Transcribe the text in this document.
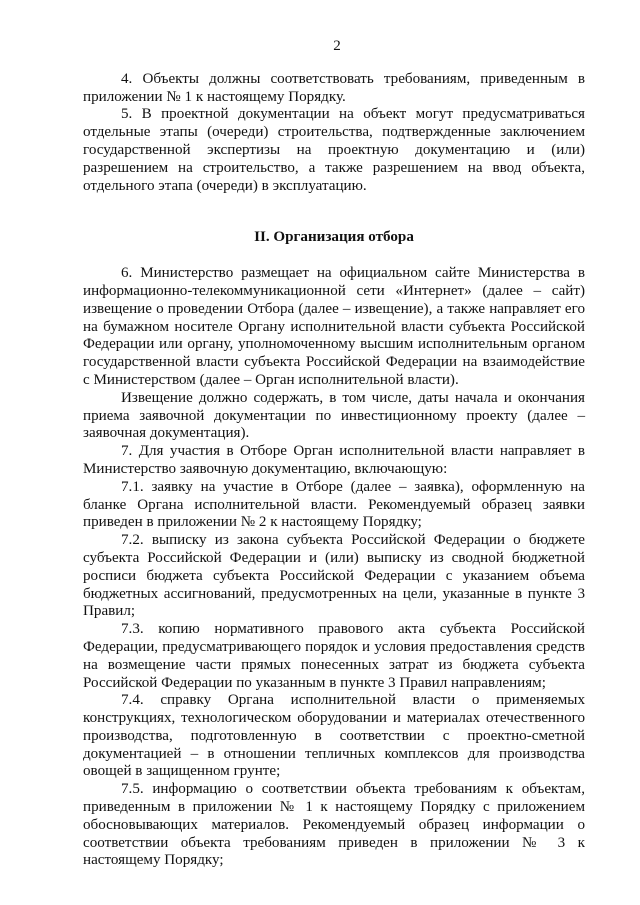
2

4. Объекты должны соответствовать требованиям, приведенным в приложении № 1 к настоящему Порядку.

5. В проектной документации на объект могут предусматриваться отдельные этапы (очереди) строительства, подтвержденные заключением государственной экспертизы на проектную документацию и (или) разрешением на строительство, а также разрешением на ввод объекта, отдельного этапа (очереди) в эксплуатацию.

II. Организация отбора

6. Министерство размещает на официальном сайте Министерства в информационно-телекоммуникационной сети «Интернет» (далее – сайт) извещение о проведении Отбора (далее – извещение), а также направляет его на бумажном носителе Органу исполнительной власти субъекта Российской Федерации или органу, уполномоченному высшим исполнительным органом государственной власти субъекта Российской Федерации на взаимодействие с Министерством (далее – Орган исполнительной власти).

Извещение должно содержать, в том числе, даты начала и окончания приема заявочной документации по инвестиционному проекту (далее – заявочная документация).

7. Для участия в Отборе Орган исполнительной власти направляет в Министерство заявочную документацию, включающую:

7.1. заявку на участие в Отборе (далее – заявка), оформленную на бланке Органа исполнительной власти. Рекомендуемый образец заявки приведен в приложении № 2 к настоящему Порядку;

7.2. выписку из закона субъекта Российской Федерации о бюджете субъекта Российской Федерации и (или) выписку из сводной бюджетной росписи бюджета субъекта Российской Федерации с указанием объема бюджетных ассигнований, предусмотренных на цели, указанные в пункте 3 Правил;

7.3. копию нормативного правового акта субъекта Российской Федерации, предусматривающего порядок и условия предоставления средств на возмещение части прямых понесенных затрат из бюджета субъекта Российской Федерации по указанным в пункте 3 Правил направлениям;

7.4. справку Органа исполнительной власти о применяемых конструкциях, технологическом оборудовании и материалах отечественного производства, подготовленную в соответствии с проектно-сметной документацией – в отношении тепличных комплексов для производства овощей в защищенном грунте;

7.5. информацию о соответствии объекта требованиям к объектам, приведенным в приложении № 1 к настоящему Порядку с приложением обосновывающих материалов. Рекомендуемый образец информации о соответствии объекта требованиям приведен в приложении № 3 к настоящему Порядку;
